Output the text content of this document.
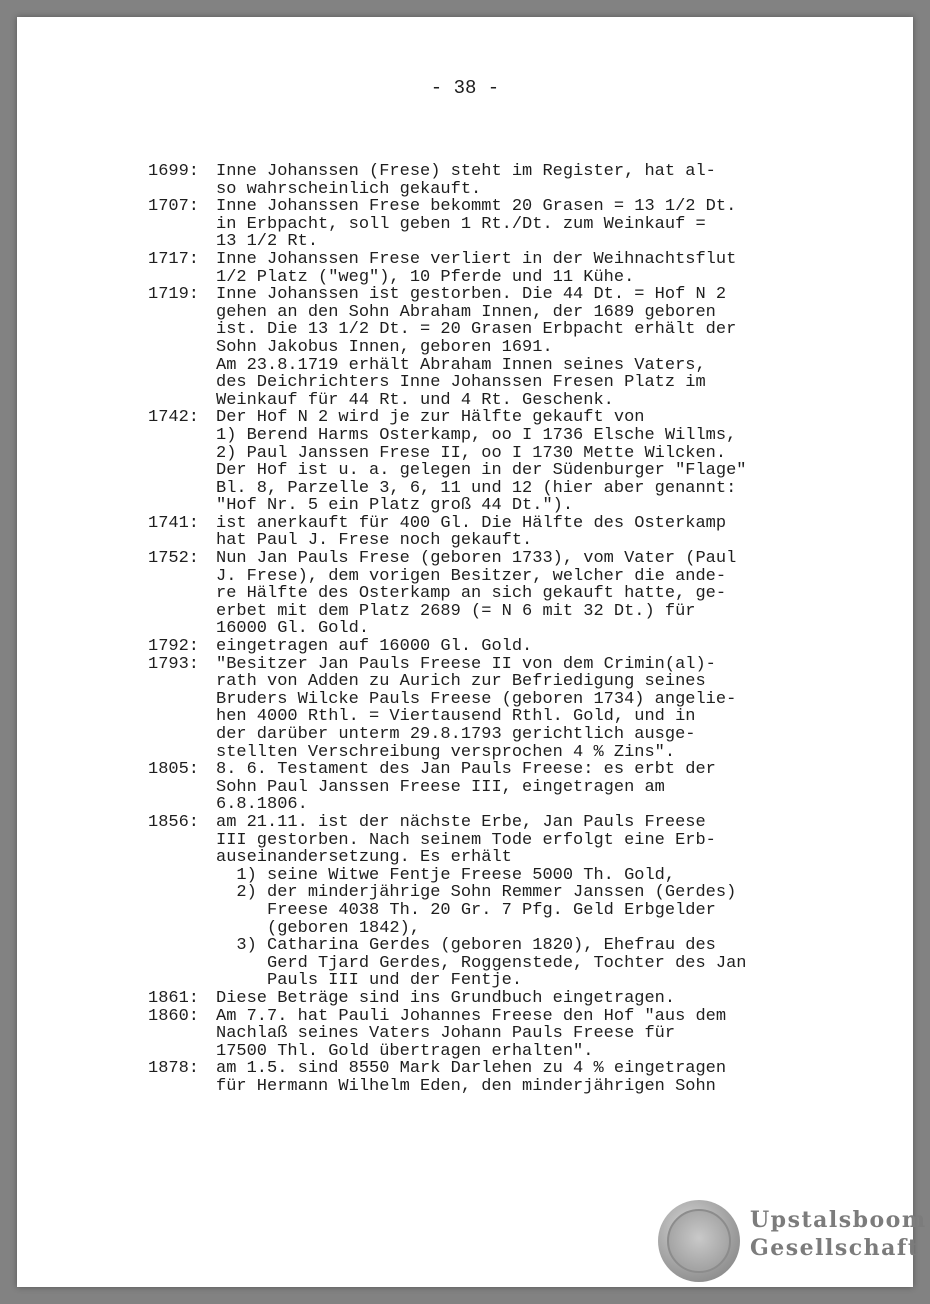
- 38 -
1699: Inne Johanssen (Frese) steht im Register, hat al-
so wahrscheinlich gekauft.
1707: Inne Johanssen Frese bekommt 20 Grasen = 13 1/2 Dt.
in Erbpacht, soll geben 1 Rt./Dt. zum Weinkauf =
13 1/2 Rt.
1717: Inne Johanssen Frese verliert in der Weihnachtsflut
1/2 Platz ("weg"), 10 Pferde und 11 Kühe.
1719: Inne Johanssen ist gestorben. Die 44 Dt. = Hof N 2
gehen an den Sohn Abraham Innen, der 1689 geboren
ist. Die 13 1/2 Dt. = 20 Grasen Erbpacht erhält der
Sohn Jakobus Innen, geboren 1691.
Am 23.8.1719 erhält Abraham Innen seines Vaters,
des Deichrichters Inne Johanssen Fresen Platz im
Weinkauf für 44 Rt. und 4 Rt. Geschenk.
1742: Der Hof N 2 wird je zur Hälfte gekauft von
1) Berend Harms Osterkamp, oo I 1736 Elsche Willms,
2) Paul Janssen Frese II, oo I 1730 Mette Wilcken.
Der Hof ist u. a. gelegen in der Südenburger "Flage"
Bl. 8, Parzelle 3, 6, 11 und 12 (hier aber genannt:
"Hof Nr. 5 ein Platz groß 44 Dt.").
1741: ist anerkauft für 400 Gl. Die Hälfte des Osterkamp
hat Paul J. Frese noch gekauft.
1752: Nun Jan Pauls Frese (geboren 1733), vom Vater (Paul
J. Frese), dem vorigen Besitzer, welcher die ande-
re Hälfte des Osterkamp an sich gekauft hatte, ge-
erbet mit dem Platz 2689 (= N 6 mit 32 Dt.) für
16000 Gl. Gold.
1792: eingetragen auf 16000 Gl. Gold.
1793: "Besitzer Jan Pauls Freese II von dem Crimin(al)-
rath von Adden zu Aurich zur Befriedigung seines
Bruders Wilcke Pauls Freese (geboren 1734) angelie-
hen 4000 Rthl. = Viertausend Rthl. Gold, und in
der darüber unterm 29.8.1793 gerichtlich ausge-
stellten Verschreibung versprochen 4 % Zins".
1805: 8. 6. Testament des Jan Pauls Freese: es erbt der
Sohn Paul Janssen Freese III, eingetragen am
6.8.1806.
1856: am 21.11. ist der nächste Erbe, Jan Pauls Freese
III gestorben. Nach seinem Tode erfolgt eine Erb-
auseinandersetzung. Es erhält
1) seine Witwe Fentje Freese 5000 Th. Gold,
2) der minderjährige Sohn Remmer Janssen (Gerdes)
Freese 4038 Th. 20 Gr. 7 Pfg. Geld Erbgelder
(geboren 1842),
3) Catharina Gerdes (geboren 1820), Ehefrau des
Gerd Tjard Gerdes, Roggenstede, Tochter des Jan
Pauls III und der Fentje.
1861: Diese Beträge sind ins Grundbuch eingetragen.
1860: Am 7.7. hat Pauli Johannes Freese den Hof "aus dem
Nachlaß seines Vaters Johann Pauls Freese für
17500 Thl. Gold übertragen erhalten".
1878: am 1.5. sind 8550 Mark Darlehen zu 4 % eingetragen
für Hermann Wilhelm Eden, den minderjährigen Sohn
Upstalsboom
Gesellschaft
